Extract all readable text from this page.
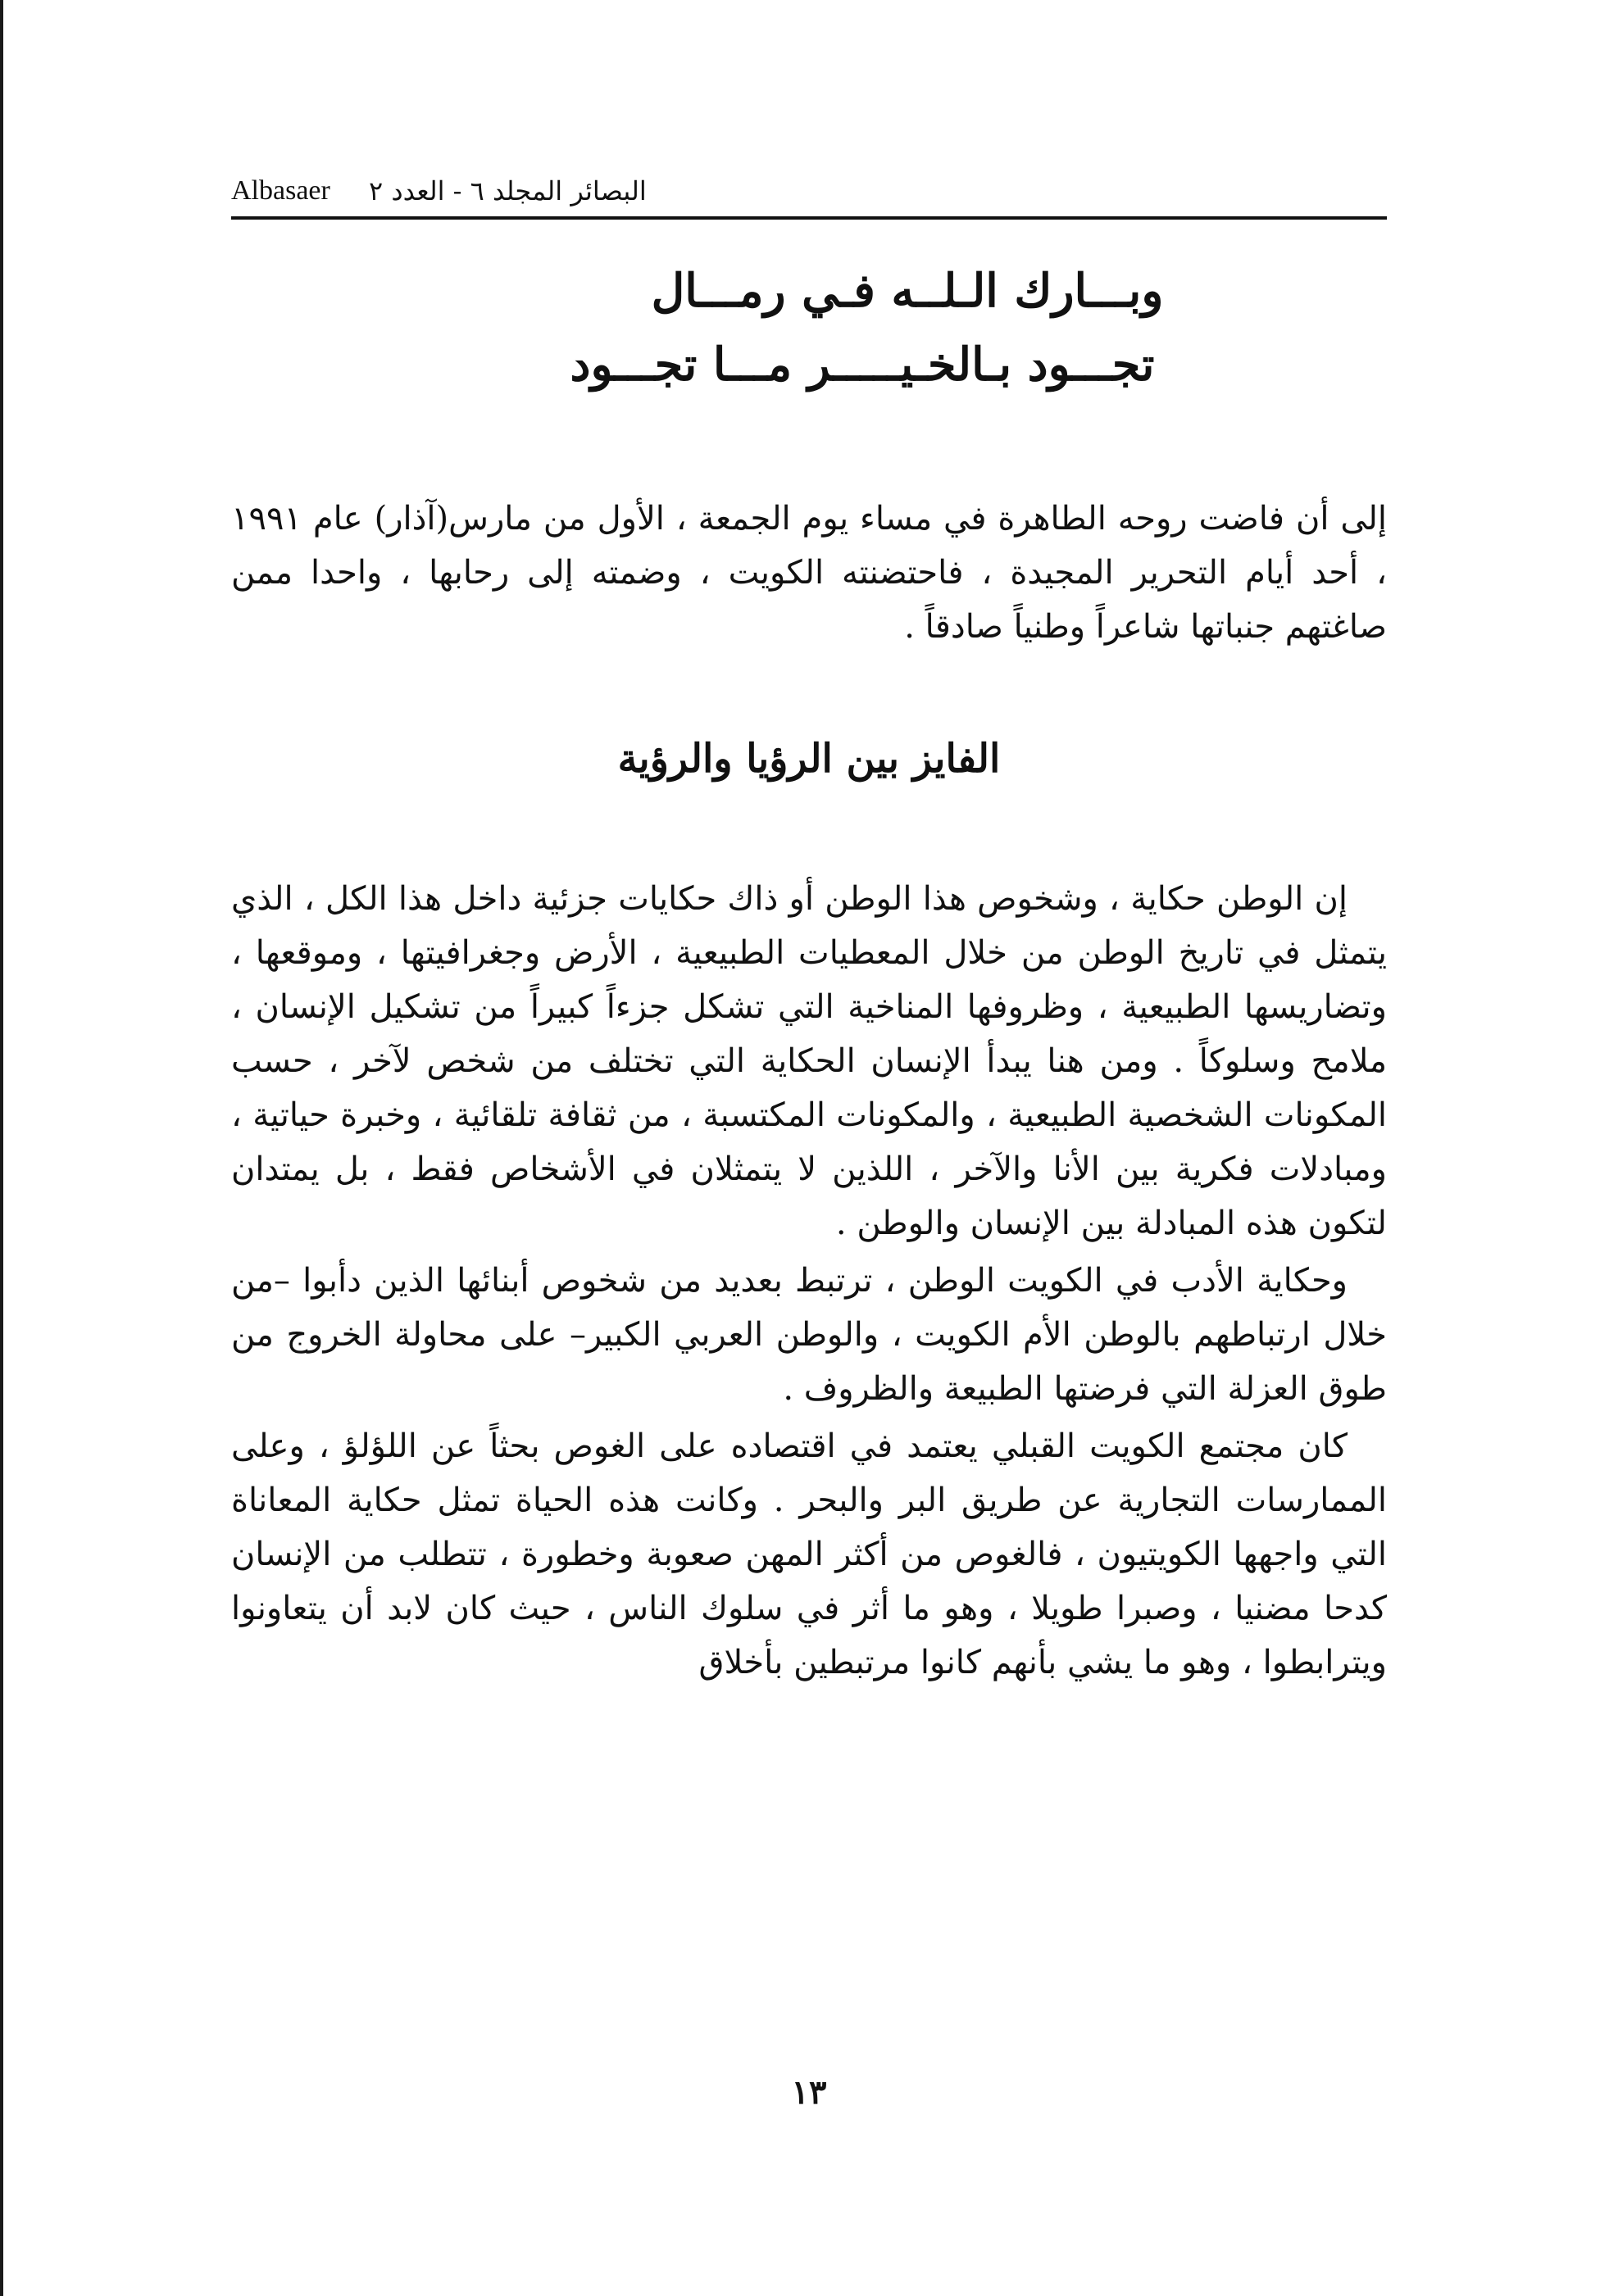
Albasaer البصائر المجلد ٦ - العدد ٢
وبـــارك الـلــه فـي رمـــال
تجـــود بـالخـيـــــر مـــا تجـــود

إلى أن فاضت روحه الطاهرة في مساء يوم الجمعة ، الأول من مارس(آذار) عام ١٩٩١ ، أحد أيام التحرير المجيدة ، فاحتضنته الكويت ، وضمته إلى رحابها ، واحدا ممن صاغتهم جنباتها شاعراً وطنياً صادقاً .

الفايز بين الرؤيا والرؤية

إن الوطن حكاية ، وشخوص هذا الوطن أو ذاك حكايات جزئية داخل هذا الكل ، الذي يتمثل في تاريخ الوطن من خلال المعطيات الطبيعية ، الأرض وجغرافيتها ، وموقعها ، وتضاريسها الطبيعية ، وظروفها المناخية التي تشكل جزءاً كبيراً من تشكيل الإنسان ، ملامح وسلوكاً . ومن هنا يبدأ الإنسان الحكاية التي تختلف من شخص لآخر ، حسب المكونات الشخصية الطبيعية ، والمكونات المكتسبة ، من ثقافة تلقائية ، وخبرة حياتية ، ومبادلات فكرية بين الأنا والآخر ، اللذين لا يتمثلان في الأشخاص فقط ، بل يمتدان لتكون هذه المبادلة بين الإنسان والوطن .

وحكاية الأدب في الكويت الوطن ، ترتبط بعديد من شخوص أبنائها الذين دأبوا –من خلال ارتباطهم بالوطن الأم الكويت ، والوطن العربي الكبير– على محاولة الخروج من طوق العزلة التي فرضتها الطبيعة والظروف .

كان مجتمع الكويت القبلي يعتمد في اقتصاده على الغوص بحثاً عن اللؤلؤ ، وعلى الممارسات التجارية عن طريق البر والبحر . وكانت هذه الحياة تمثل حكاية المعاناة التي واجهها الكويتيون ، فالغوص من أكثر المهن صعوبة وخطورة ، تتطلب من الإنسان كدحا مضنيا ، وصبرا طويلا ، وهو ما أثر في سلوك الناس ، حيث كان لابد أن يتعاونوا ويترابطوا ، وهو ما يشي بأنهم كانوا مرتبطين بأخلاق

١٣
